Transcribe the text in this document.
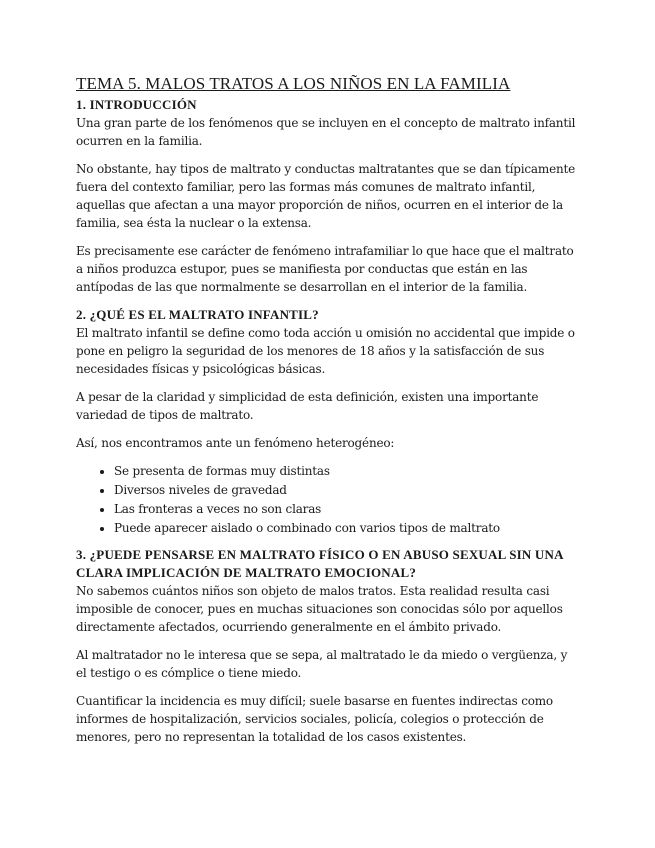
TEMA 5. MALOS TRATOS A LOS NIÑOS EN LA FAMILIA
1. INTRODUCCIÓN

Una gran parte de los fenómenos que se incluyen en el concepto de maltrato infantil ocurren en la familia.

No obstante, hay tipos de maltrato y conductas maltratantes que se dan típicamente fuera del contexto familiar, pero las formas más comunes de maltrato infantil, aquellas que afectan a una mayor proporción de niños, ocurren en el interior de la familia, sea ésta la nuclear o la extensa.

Es precisamente ese carácter de fenómeno intrafamiliar lo que hace que el maltrato a niños produzca estupor, pues se manifiesta por conductas que están en las antípodas de las que normalmente se desarrollan en el interior de la familia.

2. ¿QUÉ ES EL MALTRATO INFANTIL?

El maltrato infantil se define como toda acción u omisión no accidental que impide o pone en peligro la seguridad de los menores de 18 años y la satisfacción de sus necesidades físicas y psicológicas básicas.

A pesar de la claridad y simplicidad de esta definición, existen una importante variedad de tipos de maltrato.

Así, nos encontramos ante un fenómeno heterogéneo:

• Se presenta de formas muy distintas
• Diversos niveles de gravedad
• Las fronteras a veces no son claras
• Puede aparecer aislado o combinado con varios tipos de maltrato
3. ¿PUEDE PENSARSE EN MALTRATO FÍSICO O EN ABUSO SEXUAL SIN UNA CLARA IMPLICACIÓN DE MALTRATO EMOCIONAL?

No sabemos cuántos niños son objeto de malos tratos. Esta realidad resulta casi imposible de conocer, pues en muchas situaciones son conocidas sólo por aquellos directamente afectados, ocurriendo generalmente en el ámbito privado.

Al maltratador no le interesa que se sepa, al maltratado le da miedo o vergüenza, y el testigo o es cómplice o tiene miedo.

Cuantificar la incidencia es muy difícil; suele basarse en fuentes indirectas como informes de hospitalización, servicios sociales, policía, colegios o protección de menores, pero no representan la totalidad de los casos existentes.
